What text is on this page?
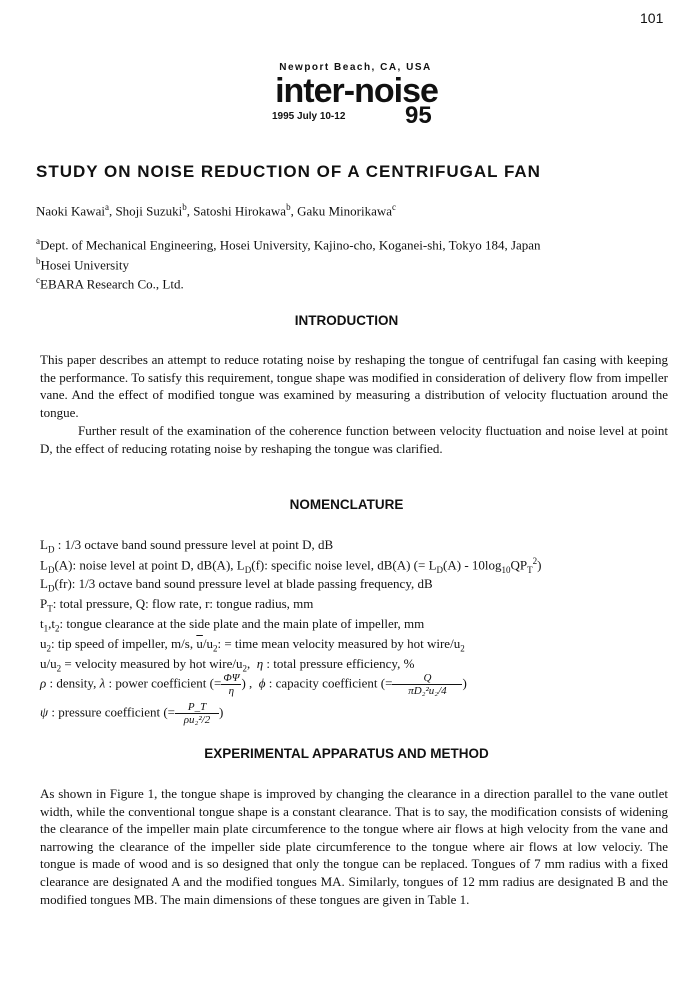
101
Newport Beach, CA, USA
inter-noise
1995 July 10-12 95
STUDY ON NOISE REDUCTION OF A CENTRIFUGAL FAN
Naoki Kawai$^a$, Shoji Suzuki$^b$, Satoshi Hirokawa$^b$, Gaku Minorikawa$^c$
$^a$Dept. of Mechanical Engineering, Hosei University, Kajino-cho, Koganei-shi, Tokyo 184, Japan
$^b$Hosei University
$^c$EBARA Research Co., Ltd.
INTRODUCTION

This paper describes an attempt to reduce rotating noise by reshaping the tongue of centrifugal fan casing with keeping the performance. To satisfy this requirement, tongue shape was modified in consideration of delivery flow from impeller vane. And the effect of modified tongue was examined by measuring a distribution of velocity fluctuation around the tongue.

Further result of the examination of the coherence function between velocity fluctuation and noise level at point D, the effect of reducing rotating noise by reshaping the tongue was clarified.

NOMENCLATURE
$L_D$ : 1/3 octave band sound pressure level at point D, dB
$L_D(A)$: noise level at point D, dB(A), $L_D(f)$: specific noise level, dB(A) (= $L_D(A) - 10\log_{10}QP_T^2$)
$L_D(fr)$: 1/3 octave band sound pressure level at blade passing frequency, dB
$P_T$: total pressure, Q: flow rate, r: tongue radius, mm
$t_1,t_2$: tongue clearance at the side plate and the main plate of impeller, mm
$u_2$: tip speed of impeller, m/s, $\overline{u}/u_2$: = time mean velocity measured by hot wire/$u_2$
$u/u_2$ = velocity measured by hot wire/$u_2$,  η : total pressure efficiency, %
ρ : density, λ : power coefficient (= $\frac{\Phi\Psi}{\eta}$ ) ,  ϕ : capacity coefficient (= $\frac{Q}{\text{πD₂²u₂/4}}$ )
ψ : pressure coefficient (= $\frac{P\_T}{\text{ρu₂²/2}}$ )
EXPERIMENTAL APPARATUS AND METHOD

As shown in Figure 1, the tongue shape is improved by changing the clearance in a direction parallel to the vane outlet width, while the conventional tongue shape is a constant clearance. That is to say, the modification consists of widening the clearance of the impeller main plate circumference to the tongue where air flows at high velocity from the vane and narrowing the clearance of the impeller side plate circumference to the tongue where air flows at low velociy. The tongue is made of wood and is so designed that only the tongue can be replaced. Tongues of 7 mm radius with a fixed clearance are designated A and the modified tongues MA. Similarly, tongues of 12 mm radius are designated B and the modified tongues MB. The main dimensions of these tongues are given in Table 1.
